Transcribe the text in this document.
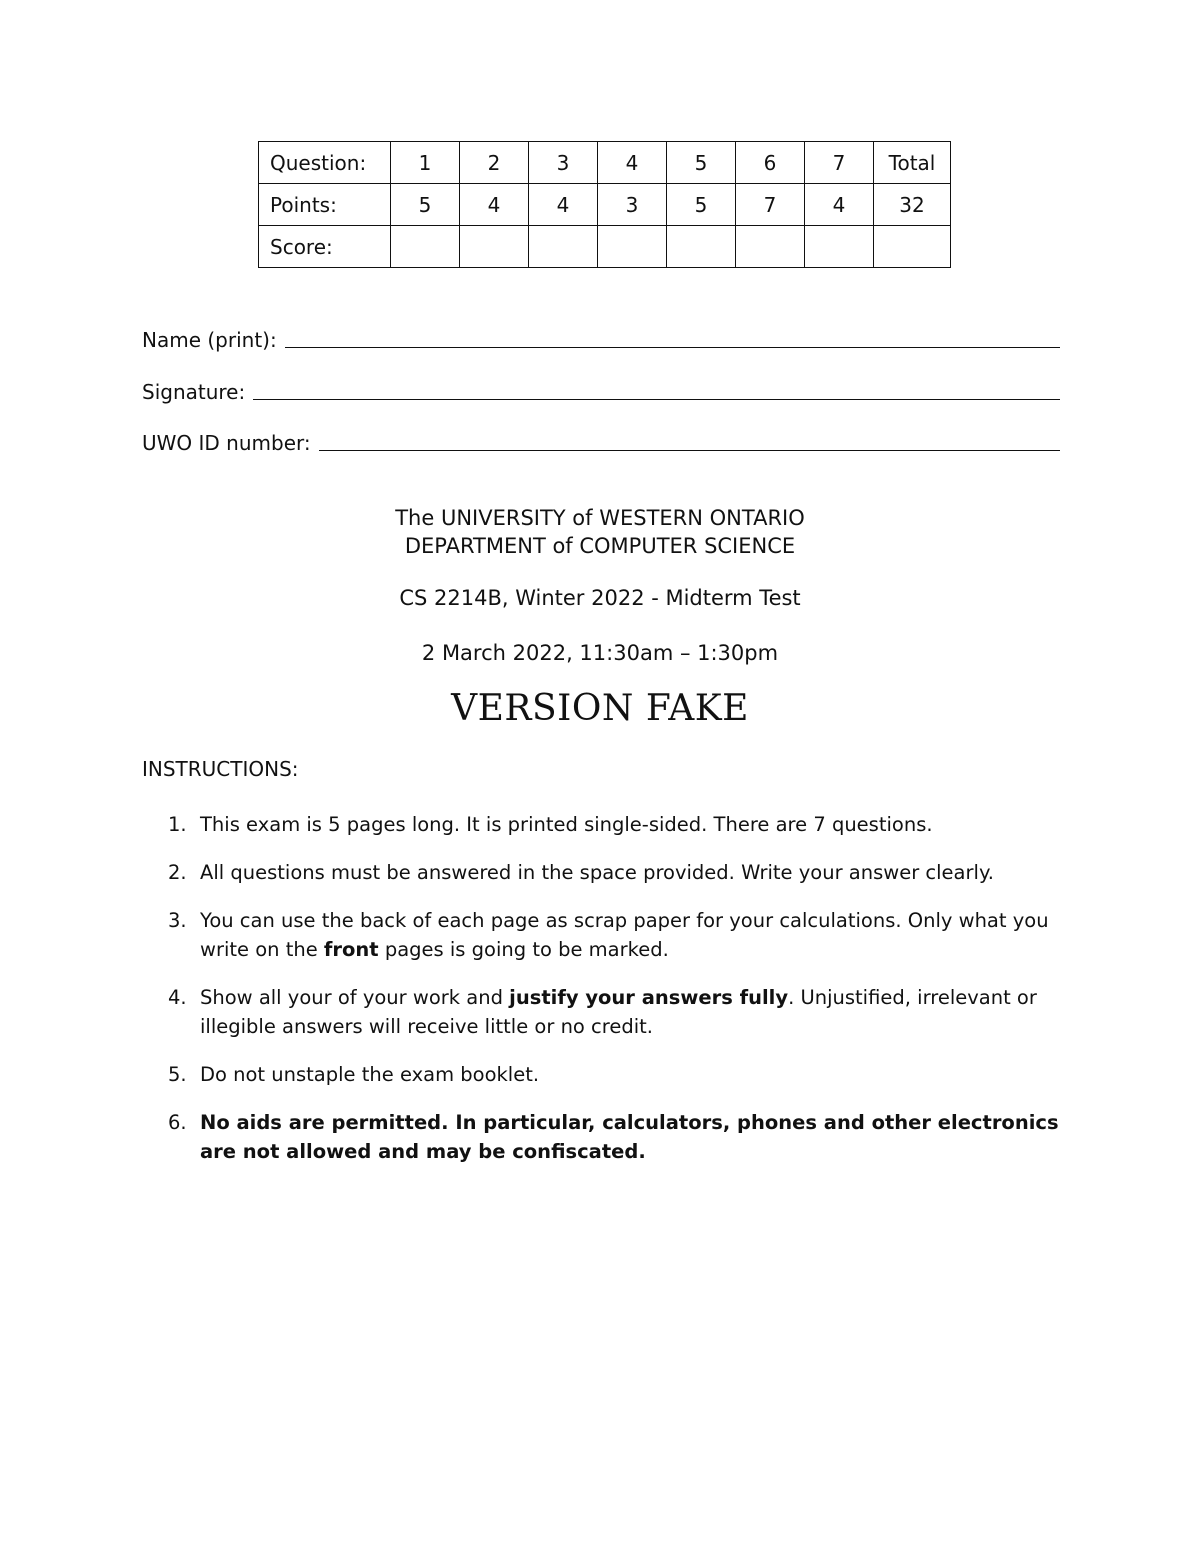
Question:	1	2	3	4	5	6	7	Total
Points:	5	4	4	3	5	7	4	32
Score:								
Name (print):
Signature:
UWO ID number:
The UNIVERSITY of WESTERN ONTARIO
DEPARTMENT of COMPUTER SCIENCE
CS 2214B, Winter 2022 - Midterm Test
2 March 2022, 11:30am – 1:30pm
VERSION FAKE
INSTRUCTIONS:
1. This exam is 5 pages long. It is printed single-sided. There are 7 questions.
2. All questions must be answered in the space provided. Write your answer clearly.
3. You can use the back of each page as scrap paper for your calculations. Only what you write on the front pages is going to be marked.
4. Show all your of your work and justify your answers fully. Unjustified, irrelevant or illegible answers will receive little or no credit.
5. Do not unstaple the exam booklet.
6. No aids are permitted. In particular, calculators, phones and other electronics are not allowed and may be confiscated.
